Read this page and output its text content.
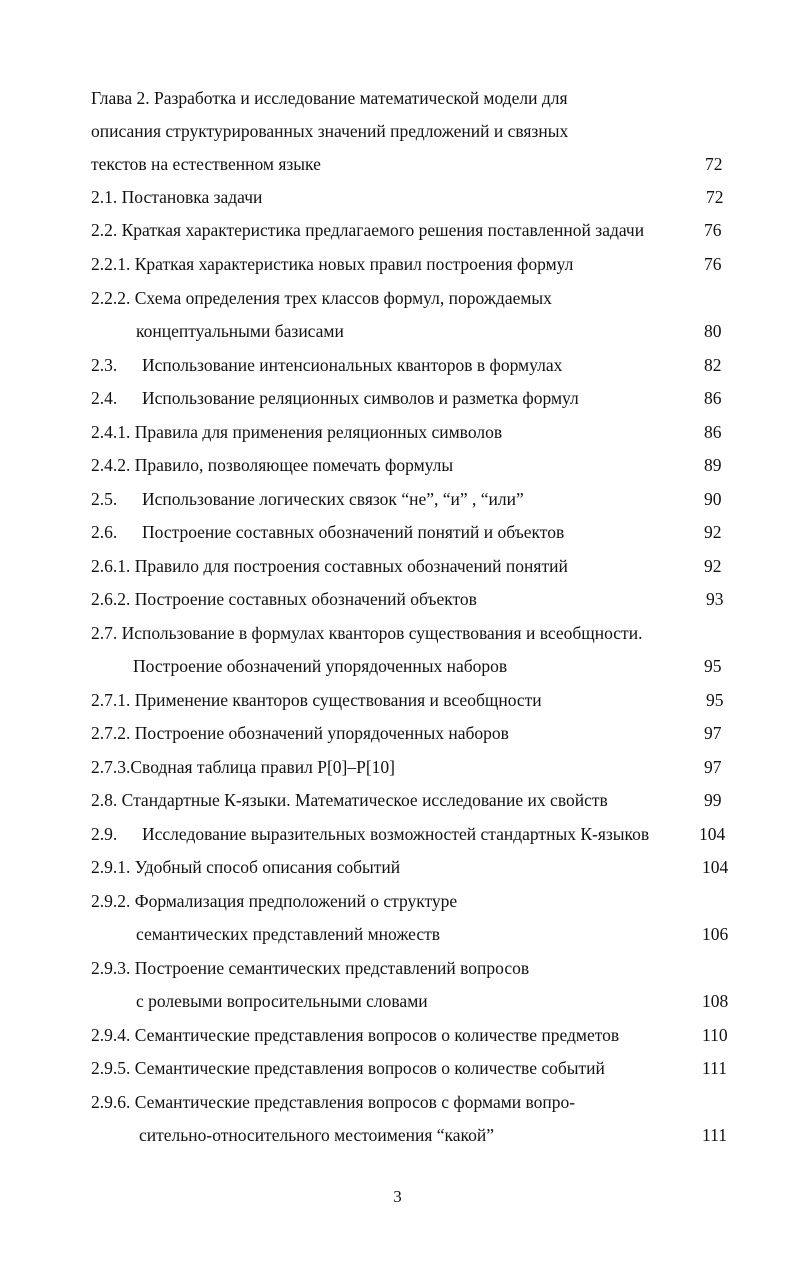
Глава 2. Разработка и исследование математической модели для
описания структурированных значений предложений и связных
текстов на естественном языке	72
2.1. Постановка задачи	72
2.2. Краткая характеристика предлагаемого решения поставленной задачи	76
2.2.1. Краткая характеристика новых правил построения формул	76
2.2.2. Схема определения трех классов формул, порождаемых
концептуальными базисами	80
2.3. Использование интенсиональных кванторов в формулах	82
2.4. Использование реляционных символов и разметка формул	86
2.4.1. Правила для применения реляционных символов	86
2.4.2. Правило, позволяющее помечать формулы	89
2.5. Использование логических связок “не”, “и” , “или”	90
2.6. Построение составных обозначений понятий и объектов	92
2.6.1. Правило для построения составных обозначений понятий	92
2.6.2. Построение составных обозначений объектов	93
2.7. Использование в формулах кванторов существования и всеобщности.
Построение обозначений упорядоченных наборов	95
2.7.1. Применение кванторов существования и всеобщности	95
2.7.2. Построение обозначений упорядоченных наборов	97
2.7.3.Сводная таблица правил P[0]–P[10]	97
2.8. Стандартные К-языки. Математическое исследование их свойств	99
2.9. Исследование выразительных возможностей стандартных К-языков	104
2.9.1. Удобный способ описания событий	104
2.9.2. Формализация предположений о структуре
семантических представлений множеств	106
2.9.3. Построение семантических представлений вопросов
с ролевыми вопросительными словами	108
2.9.4. Семантические представления вопросов о количестве предметов	110
2.9.5. Семантические представления вопросов о количестве событий	111
2.9.6. Семантические представления вопросов с формами вопро-
сительно-относительного местоимения “какой”	111
3
